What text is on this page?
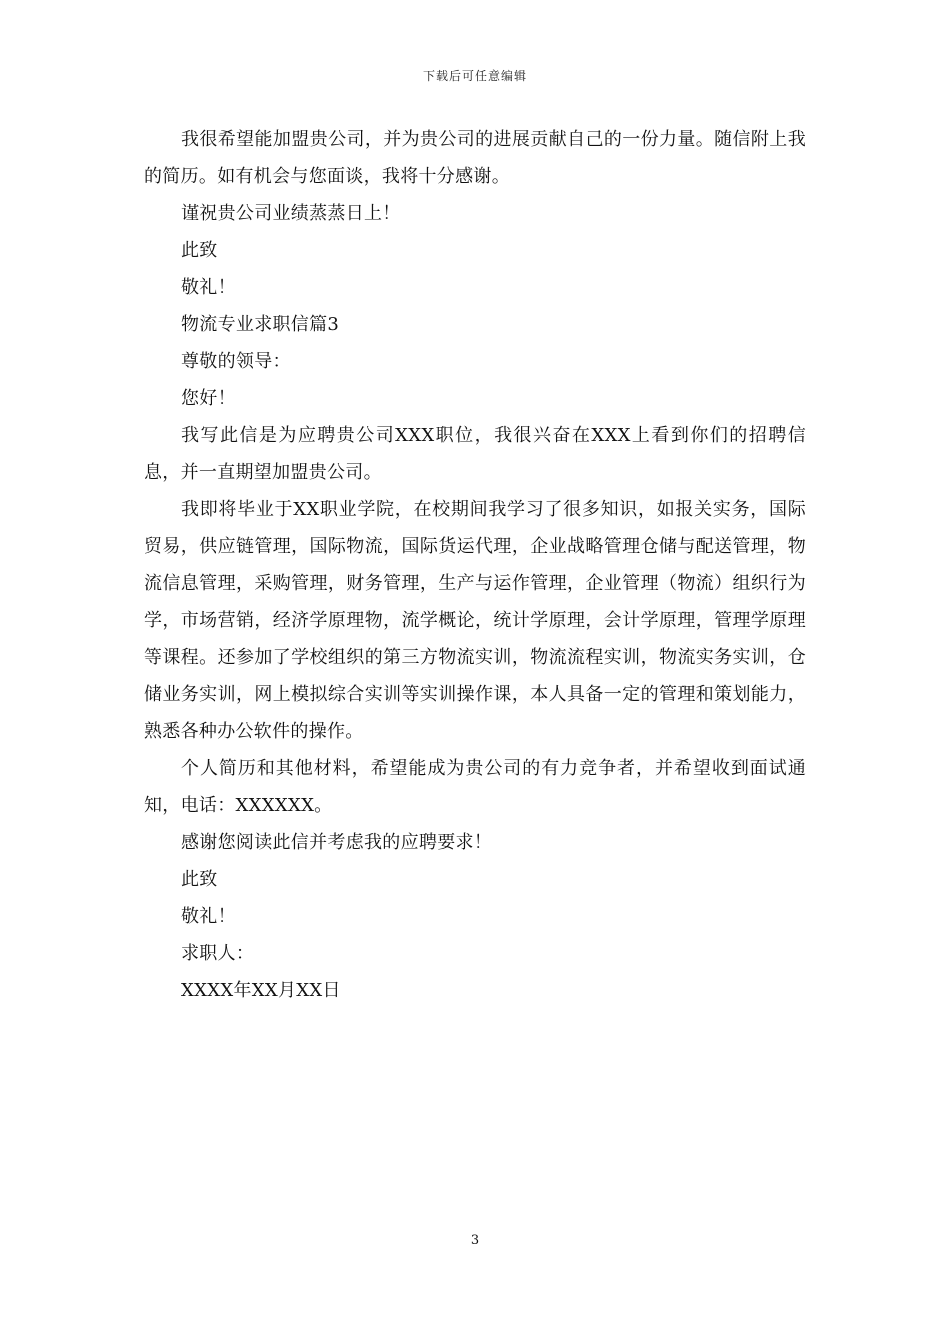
下载后可任意编辑

我很希望能加盟贵公司，并为贵公司的进展贡献自己的一份力量。随信附上我的简历。如有机会与您面谈，我将十分感谢。

谨祝贵公司业绩蒸蒸日上！

此致

敬礼！

物流专业求职信篇3

尊敬的领导：

您好！

我写此信是为应聘贵公司XXX职位，我很兴奋在XXX上看到你们的招聘信息，并一直期望加盟贵公司。

我即将毕业于XX职业学院，在校期间我学习了很多知识，如报关实务，国际贸易，供应链管理，国际物流，国际货运代理，企业战略管理仓储与配送管理，物流信息管理，采购管理，财务管理，生产与运作管理，企业管理（物流）组织行为学，市场营销，经济学原理物，流学概论，统计学原理，会计学原理，管理学原理等课程。还参加了学校组织的第三方物流实训，物流流程实训，物流实务实训，仓储业务实训，网上模拟综合实训等实训操作课，本人具备一定的管理和策划能力，熟悉各种办公软件的操作。

个人简历和其他材料，希望能成为贵公司的有力竞争者，并希望收到面试通知，电话：XXXXXX。

感谢您阅读此信并考虑我的应聘要求！

此致

敬礼！

求职人：

XXXX年XX月XX日

3
